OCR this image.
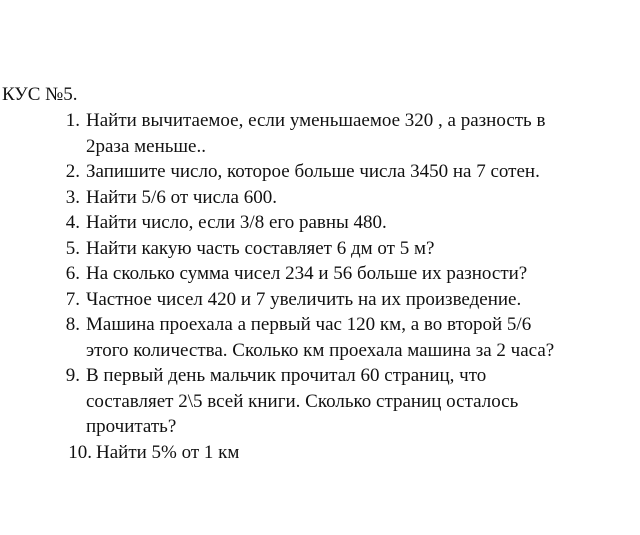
КУС №5.

1. Найти вычитаемое, если уменьшаемое 320 , а разность в
2раза меньше..
2. Запишите число, которое больше числа 3450 на 7 сотен.
3. Найти 5/6 от числа 600.
4. Найти число, если 3/8 его равны 480.
5. Найти какую часть составляет 6 дм от 5 м?
6. На сколько сумма чисел 234 и 56 больше их разности?
7. Частное чисел 420 и 7 увеличить на их произведение.
8. Машина проехала а первый час 120 км, а во второй 5/6
этого количества. Сколько км проехала машина за 2 часа?
9. В первый день мальчик прочитал 60 страниц, что
составляет 2\5 всей книги. Сколько страниц осталось
прочитать?
10. Найти 5% от 1 км
